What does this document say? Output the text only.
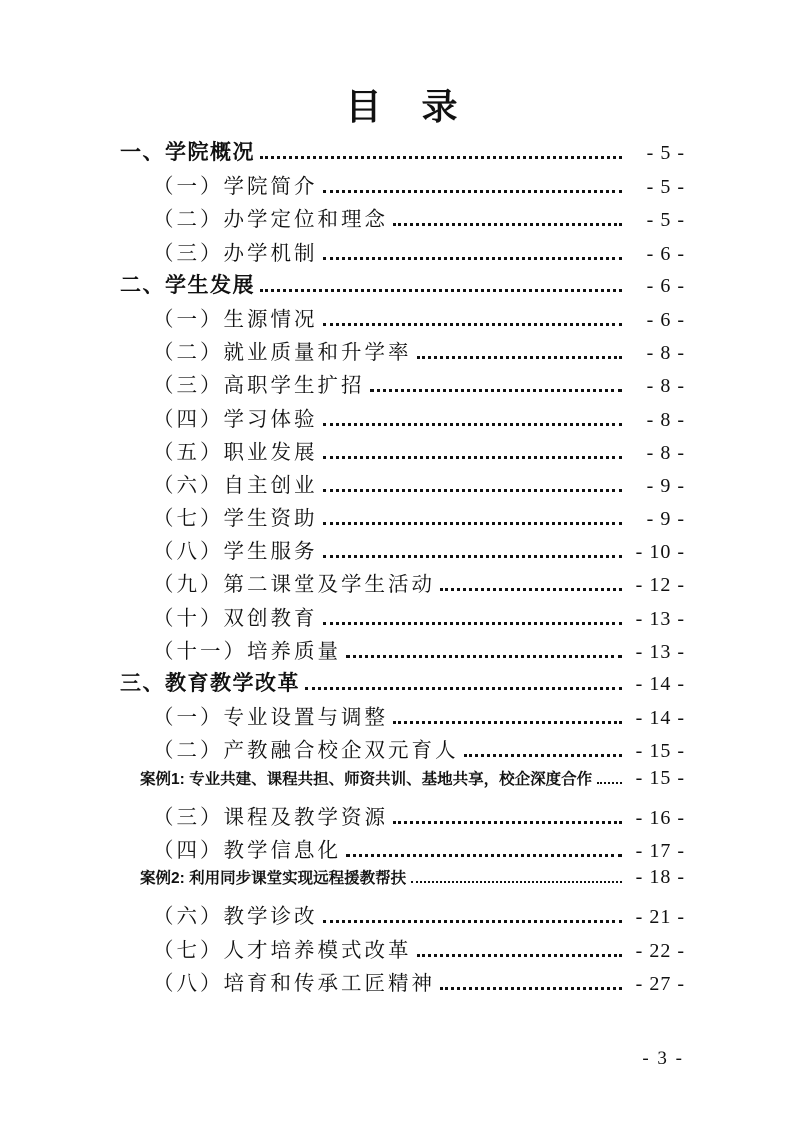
目　录
一、学院概况	- 5 -
（一）学院简介	- 5 -
（二）办学定位和理念	- 5 -
（三）办学机制	- 6 -
二、学生发展	- 6 -
（一）生源情况	- 6 -
（二）就业质量和升学率	- 8 -
（三）高职学生扩招	- 8 -
（四）学习体验	- 8 -
（五）职业发展	- 8 -
（六）自主创业	- 9 -
（七）学生资助	- 9 -
（八）学生服务	- 10 -
（九）第二课堂及学生活动	- 12 -
（十）双创教育	- 13 -
（十一）培养质量	- 13 -
三、教育教学改革	- 14 -
（一）专业设置与调整	- 14 -
（二）产教融合校企双元育人	- 15 -
案例1: 专业共建、课程共担、师资共训、基地共享，校企深度合作	- 15 -
（三）课程及教学资源	- 16 -
（四）教学信息化	- 17 -
案例2: 利用同步课堂实现远程援教帮扶	- 18 -
（六）教学诊改	- 21 -
（七）人才培养模式改革	- 22 -
（八）培育和传承工匠精神	- 27 -
- 3 -
